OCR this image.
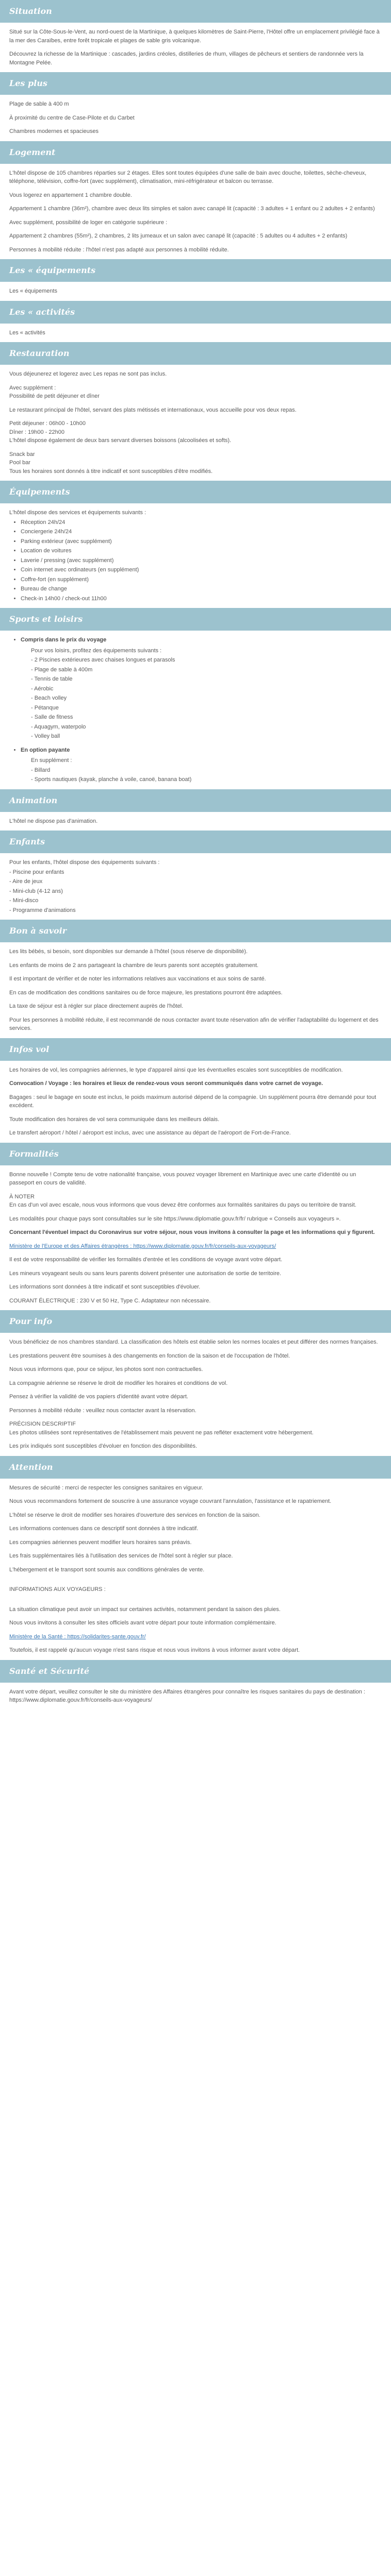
Situation

Situé sur la Côte-Sous-le-Vent, au nord-ouest de la Martinique, à quelques kilomètres de Saint-Pierre, l'Hôtel offre un emplacement privilégié face à la mer des Caraïbes, entre forêt tropicale et plages de sable gris volcanique.

Découvrez la richesse de la Martinique : cascades, jardins créoles, distilleries de rhum, villages de pêcheurs et sentiers de randonnée vers la Montagne Pelée.

Les plus

Plage de sable à 400 m

À proximité du centre de Case-Pilote et du Carbet

Chambres modernes et spacieuses

Logement

L'hôtel dispose de 105 chambres réparties sur 2 étages. Elles sont toutes équipées d'une salle de bain avec douche, toilettes, sèche-cheveux, téléphone, télévision, coffre-fort (avec supplément), climatisation, mini-réfrigérateur et balcon ou terrasse.

Vous logerez en appartement 1 chambre double.

Appartement 1 chambre (36m²), chambre avec deux lits simples et salon avec canapé lit (capacité : 3 adultes + 1 enfant ou 2 adultes + 2 enfants)

Avec supplément, possibilité de loger en catégorie supérieure :

Appartement 2 chambres (55m²), 2 chambres, 2 lits jumeaux et un salon avec canapé lit (capacité : 5 adultes ou 4 adultes + 2 enfants)

Personnes à mobilité réduite : l'hôtel n'est pas adapté aux personnes à mobilité réduite.

Les « équipements

Les « équipements

Les « activités

Les « activités

Restauration

Vous déjeunerez et logerez avec Les repas ne sont pas inclus.

Avec supplément :

Possibilité de petit déjeuner et dîner

Le restaurant principal de l'hôtel, servant des plats métissés et internationaux, vous accueille pour vos deux repas.

Petit déjeuner : 06h00 - 10h00

Dîner : 19h00 - 22h00

L'hôtel dispose également de deux bars servant diverses boissons (alcoolisées et softs).

Snack bar

Pool bar

Tous les horaires sont donnés à titre indicatif et sont susceptibles d'être modifiés.

Équipements

L'hôtel dispose des services et équipements suivants :

• Réception 24h/24
• Conciergerie 24h/24
• Parking extérieur (avec supplément)
• Location de voitures
• Laverie / pressing (avec supplément)
• Coin internet avec ordinateurs (en supplément)
• Coffre-fort (en supplément)
• Bureau de change
• Check-in 14h00 / check-out 11h00
Sports et loisirs
• Compris dans le prix du voyage

Pour vos loisirs, profitez des équipements suivants :

- 2 Piscines extérieures avec chaises longues et parasols
- Plage de sable à 400m
- Tennis de table
- Aérobic
- Beach volley
- Pétanque
- Salle de fitness
- Aquagym, waterpolo
- Volley ball
• En option payante

En supplément :

- Billard
- Sports nautiques (kayak, planche à voile, canoë, banana boat)
Animation

L'hôtel ne dispose pas d'animation.

Enfants

Pour les enfants, l'hôtel dispose des équipements suivants :

- Piscine pour enfants
- Aire de jeux
- Mini-club (4-12 ans)
- Mini-disco
- Programme d'animations
Bon à savoir

Les lits bébés, si besoin, sont disponibles sur demande à l'hôtel (sous réserve de disponibilité).

Les enfants de moins de 2 ans partageant la chambre de leurs parents sont acceptés gratuitement.

Il est important de vérifier et de noter les informations relatives aux vaccinations et aux soins de santé.

En cas de modification des conditions sanitaires ou de force majeure, les prestations pourront être adaptées.

La taxe de séjour est à régler sur place directement auprès de l'hôtel.

Pour les personnes à mobilité réduite, il est recommandé de nous contacter avant toute réservation afin de vérifier l'adaptabilité du logement et des services.

Infos vol

Les horaires de vol, les compagnies aériennes, le type d'appareil ainsi que les éventuelles escales sont susceptibles de modification.

Convocation / Voyage : les horaires et lieux de rendez-vous vous seront communiqués dans votre carnet de voyage.

Bagages : seul le bagage en soute est inclus, le poids maximum autorisé dépend de la compagnie. Un supplément pourra être demandé pour tout excédent.

Toute modification des horaires de vol sera communiquée dans les meilleurs délais.

Le transfert aéroport / hôtel / aéroport est inclus, avec une assistance au départ de l'aéroport de Fort-de-France.

Formalités

Bonne nouvelle ! Compte tenu de votre nationalité française, vous pouvez voyager librement en Martinique avec une carte d'identité ou un passeport en cours de validité.

À NOTER

En cas d'un vol avec escale, nous vous informons que vous devez être conformes aux formalités sanitaires du pays ou territoire de transit.

Les modalités pour chaque pays sont consultables sur le site https://www.diplomatie.gouv.fr/fr/ rubrique « Conseils aux voyageurs ».

Concernant l'éventuel impact du Coronavirus sur votre séjour, nous vous invitons à consulter la page et les informations qui y figurent.

Ministère de l'Europe et des Affaires étrangères : https://www.diplomatie.gouv.fr/fr/conseils-aux-voyageurs/

Il est de votre responsabilité de vérifier les formalités d'entrée et les conditions de voyage avant votre départ.

Les mineurs voyageant seuls ou sans leurs parents doivent présenter une autorisation de sortie de territoire.

Les informations sont données à titre indicatif et sont susceptibles d'évoluer.

COURANT ÉLECTRIQUE : 230 V et 50 Hz, Type C. Adaptateur non nécessaire.

Pour info

Vous bénéficiez de nos chambres standard. La classification des hôtels est établie selon les normes locales et peut différer des normes françaises.

Les prestations peuvent être soumises à des changements en fonction de la saison et de l'occupation de l'hôtel.

Nous vous informons que, pour ce séjour, les photos sont non contractuelles.

La compagnie aérienne se réserve le droit de modifier les horaires et conditions de vol.

Pensez à vérifier la validité de vos papiers d'identité avant votre départ.

Personnes à mobilité réduite : veuillez nous contacter avant la réservation.

PRÉCISION DESCRIPTIF

Les photos utilisées sont représentatives de l'établissement mais peuvent ne pas refléter exactement votre hébergement.

Les prix indiqués sont susceptibles d'évoluer en fonction des disponibilités.

Attention

Mesures de sécurité : merci de respecter les consignes sanitaires en vigueur.

Nous vous recommandons fortement de souscrire à une assurance voyage couvrant l'annulation, l'assistance et le rapatriement.

L'hôtel se réserve le droit de modifier ses horaires d'ouverture des services en fonction de la saison.

Les informations contenues dans ce descriptif sont données à titre indicatif.

Les compagnies aériennes peuvent modifier leurs horaires sans préavis.

Les frais supplémentaires liés à l'utilisation des services de l'hôtel sont à régler sur place.

L'hébergement et le transport sont soumis aux conditions générales de vente.

INFORMATIONS AUX VOYAGEURS :

La situation climatique peut avoir un impact sur certaines activités, notamment pendant la saison des pluies.

Nous vous invitons à consulter les sites officiels avant votre départ pour toute information complémentaire.

Ministère de la Santé : https://solidarites-sante.gouv.fr/

Toutefois, il est rappelé qu'aucun voyage n'est sans risque et nous vous invitons à vous informer avant votre départ.

Santé et Sécurité

Avant votre départ, veuillez consulter le site du ministère des Affaires étrangères pour connaître les risques sanitaires du pays de destination : https://www.diplomatie.gouv.fr/fr/conseils-aux-voyageurs/
